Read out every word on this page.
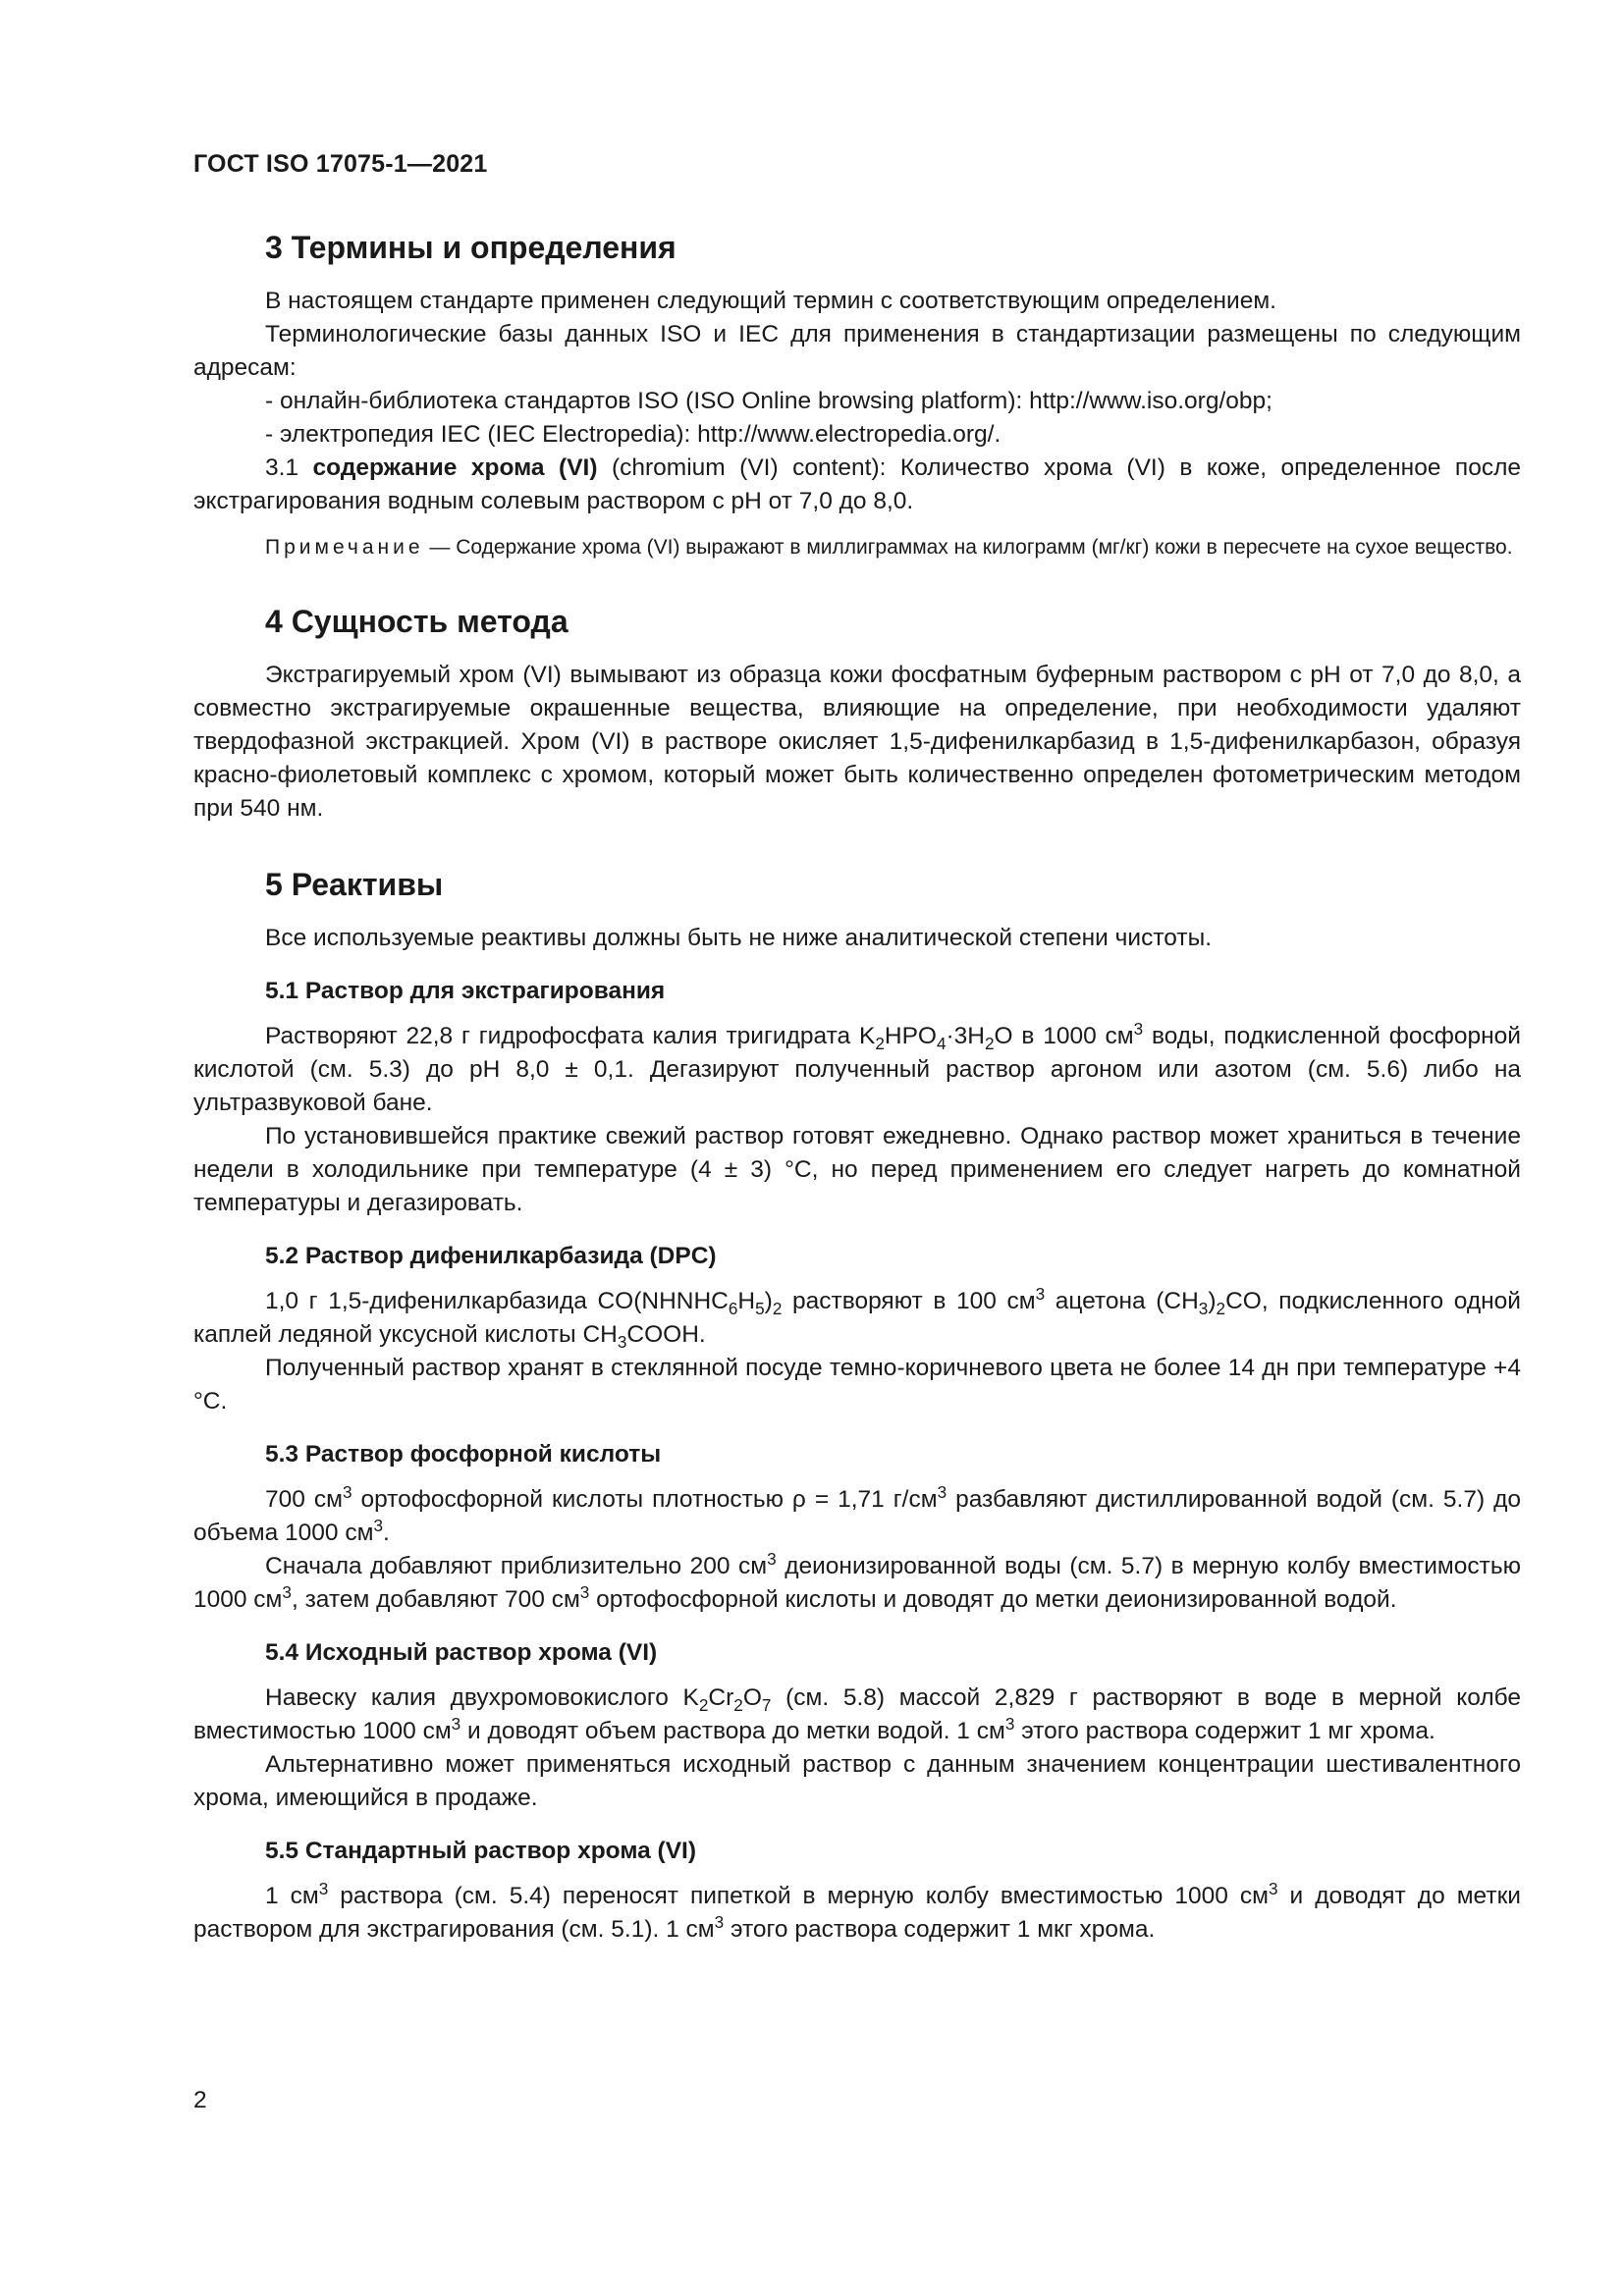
ГОСТ ISO 17075-1—2021
3 Термины и определения

В настоящем стандарте применен следующий термин с соответствующим определением.

Терминологические базы данных ISO и IEC для применения в стандартизации размещены по следующим адресам:

- онлайн-библиотека стандартов ISO (ISO Online browsing platform): http://www.iso.org/obp;

- электропедия IEC (IEC Electropedia): http://www.electropedia.org/.

3.1 содержание хрома (VI) (chromium (VI) content): Количество хрома (VI) в коже, определенное после экстрагирования водным солевым раствором с pH от 7,0 до 8,0.

Примечание — Содержание хрома (VI) выражают в миллиграммах на килограмм (мг/кг) кожи в пересчете на сухое вещество.

4 Сущность метода

Экстрагируемый хром (VI) вымывают из образца кожи фосфатным буферным раствором с pH от 7,0 до 8,0, а совместно экстрагируемые окрашенные вещества, влияющие на определение, при необходимости удаляют твердофазной экстракцией. Хром (VI) в растворе окисляет 1,5-дифенилкарбазид в 1,5-дифенилкарбазон, образуя красно-фиолетовый комплекс с хромом, который может быть количественно определен фотометрическим методом при 540 нм.

5 Реактивы

Все используемые реактивы должны быть не ниже аналитической степени чистоты.

5.1 Раствор для экстрагирования

Растворяют 22,8 г гидрофосфата калия тригидрата $K_2HPO_4\cdot 3H_2O$ в 1000 $см^3$ воды, подкисленной фосфорной кислотой (см. 5.3) до pH 8,0 ± 0,1. Дегазируют полученный раствор аргоном или азотом (см. 5.6) либо на ультразвуковой бане.

По установившейся практике свежий раствор готовят ежедневно. Однако раствор может храниться в течение недели в холодильнике при температуре (4 ± 3) °C, но перед применением его следует нагреть до комнатной температуры и дегазировать.

5.2 Раствор дифенилкарбазида (DPC)

1,0 г 1,5-дифенилкарбазида $CO(NHNHC_6H_5)_2$ растворяют в 100 $см^3$ ацетона $(CH_3)_2CO$, подкисленного одной каплей ледяной уксусной кислоты $CH_3COOH$.

Полученный раствор хранят в стеклянной посуде темно-коричневого цвета не более 14 дн при температуре +4 °C.

5.3 Раствор фосфорной кислоты

700 $см^3$ ортофосфорной кислоты плотностью ρ = 1,71 $г/см^3$ разбавляют дистиллированной водой (см. 5.7) до объема 1000 $см^3$.

Сначала добавляют приблизительно 200 $см^3$ деионизированной воды (см. 5.7) в мерную колбу вместимостью 1000 $см^3$, затем добавляют 700 $см^3$ ортофосфорной кислоты и доводят до метки деионизированной водой.

5.4 Исходный раствор хрома (VI)

Навеску калия двухромовокислого $K_2Cr_2O_7$ (см. 5.8) массой 2,829 г растворяют в воде в мерной колбе вместимостью 1000 $см^3$ и доводят объем раствора до метки водой. 1 $см^3$ этого раствора содержит 1 мг хрома.

Альтернативно может применяться исходный раствор с данным значением концентрации шестивалентного хрома, имеющийся в продаже.

5.5 Стандартный раствор хрома (VI)

1 $см^3$ раствора (см. 5.4) переносят пипеткой в мерную колбу вместимостью 1000 $см^3$ и доводят до метки раствором для экстрагирования (см. 5.1). 1 $см^3$ этого раствора содержит 1 мкг хрома.

2
